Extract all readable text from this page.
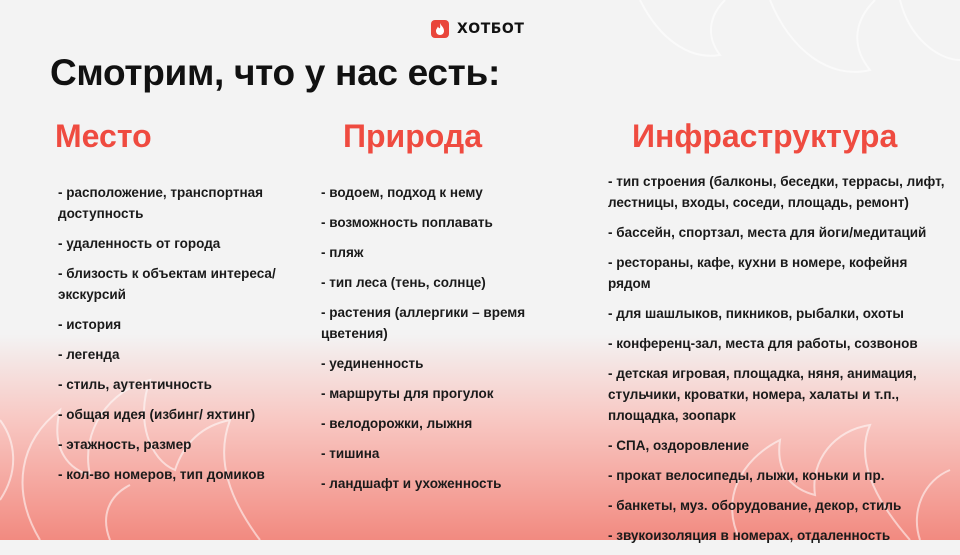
ХОТБОТ
Смотрим, что у нас есть:
Место
- расположение, транспортная доступность
- удаленность от города
- близость к объектам интереса/ экскурсий
- история
- легенда
- стиль, аутентичность
- общая идея (избинг/ яхтинг)
- этажность, размер
- кол-во номеров, тип домиков
Природа
- водоем, подход к нему
- возможность поплавать
- пляж
- тип леса (тень, солнце)
- растения (аллергики – время цветения)
- уединенность
- маршруты для прогулок
- велодорожки, лыжня
- тишина
- ландшафт и ухоженность
Инфраструктура
- тип строения (балконы, беседки, террасы, лифт, лестницы, входы, соседи, площадь, ремонт)
- бассейн, спортзал, места для йоги/медитаций
- рестораны, кафе, кухни в номере, кофейня рядом
- для шашлыков, пикников, рыбалки, охоты
- конференц-зал, места для работы, созвонов
- детская игровая, площадка, няня, анимация, стульчики, кроватки, номера, халаты и т.п., площадка, зоопарк
- СПА, оздоровление
- прокат велосипеды, лыжи, коньки и пр.
- банкеты, муз. оборудование, декор, стиль
- звукоизоляция в номерах, отдаленность
